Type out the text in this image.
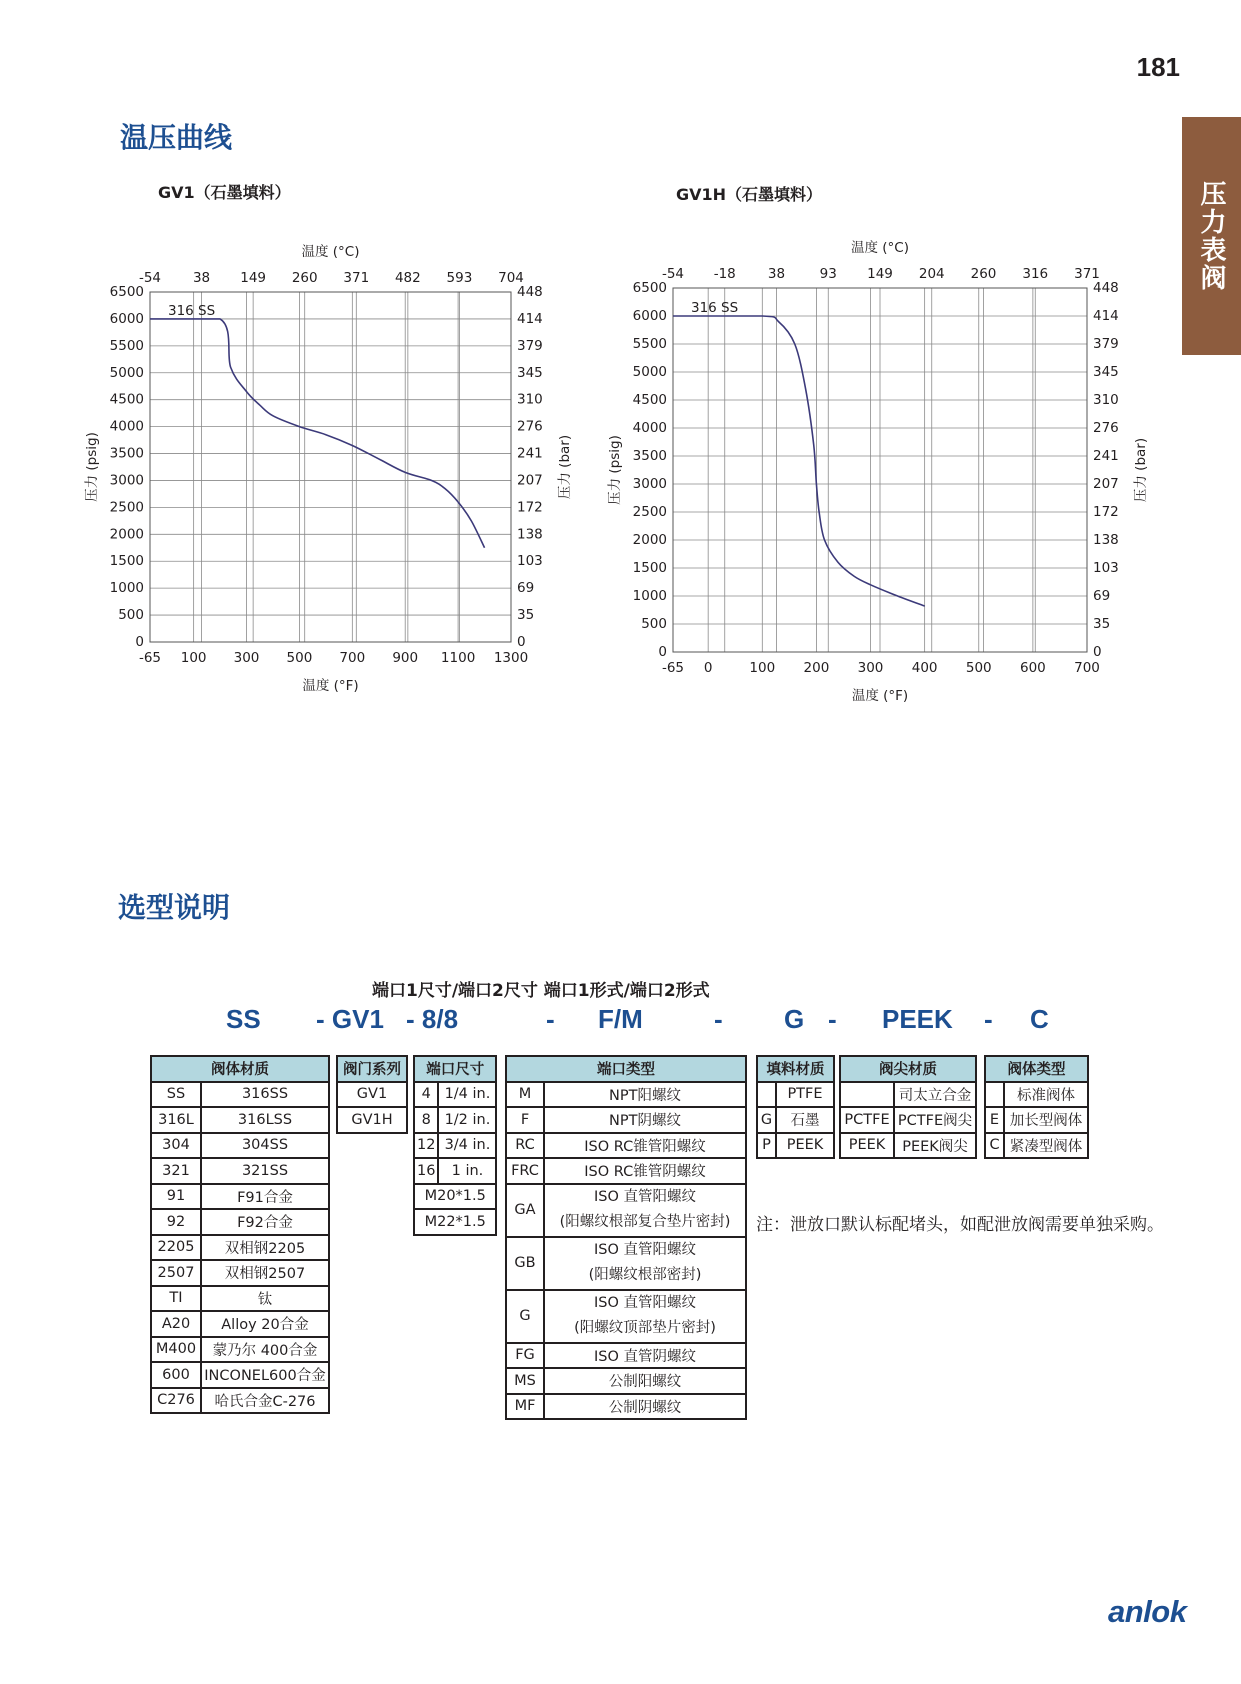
181
压力表阀
温压曲线
GV1（石墨填料）	GV1H（石墨填料）
0	0
500	35
1000	69
1500	103
2000	138
2500	172
3000	207
3500	241
4000	276
4500	310
5000	345
5500	379
6000	414
6500	448
-65 100 300 500 700 900 1100 1300
-54 38 149 260 371 482 593 704
温度 (°C)
温度 (°F)
压力 (psig)	压力 (bar)
316 SS
0	0
500	35
1000	69
1500	103
2000	138
2500	172
3000	207
3500	241
4000	276
4500	310
5000	345
5500	379
6000	414
6500	448
-65 0	100 200 300 400 500 600 700
-54 -18 38	93 149 204 260 316 371
温度 (°C)
温度 (°F)
压力 (psig)	压力 (bar)
316 SS
选型说明
端口1尺寸/端口2尺寸 端口1形式/端口2形式
SS - GV1 - 8/8	- F/M	- G - PEEK - C
阀体材质	
SS	316SS
316L	316LSS
304	304SS
321	321SS
91	F91合金
92	F92合金
2205	双相钢2205
2507	双相钢2507
TI	钛
A20	Alloy 20合金
M400	蒙乃尔 400合金
600	INCONEL600合金
C276	哈氏合金C-276
阀门系列
GV1
GV1H
端口尺寸	
4	1/4 in.
8	1/2 in.
12	3/4 in.
16	1 in.
M20*1.5	
M22*1.5	
端口类型	
M	NPT阳螺纹
F	NPT阴螺纹
RC	ISO RC锥管阳螺纹
FRC	ISO RC锥管阴螺纹
GA	ISO 直管阳螺纹
(阳螺纹根部复合垫片密封)
GB	ISO 直管阳螺纹
(阳螺纹根部密封)
G	ISO 直管阳螺纹
(阳螺纹顶部垫片密封)
FG	ISO 直管阴螺纹
MS	公制阳螺纹
MF	公制阴螺纹
填料材质	
	PTFE
G	石墨
P	PEEK
阀尖材质	
	司太立合金
PCTFE	PCTFE阀尖
PEEK	PEEK阀尖
阀体类型	
	标准阀体
E	加长型阀体
C	紧凑型阀体
注：泄放口默认标配堵头，如配泄放阀需要单独采购。
anlok
